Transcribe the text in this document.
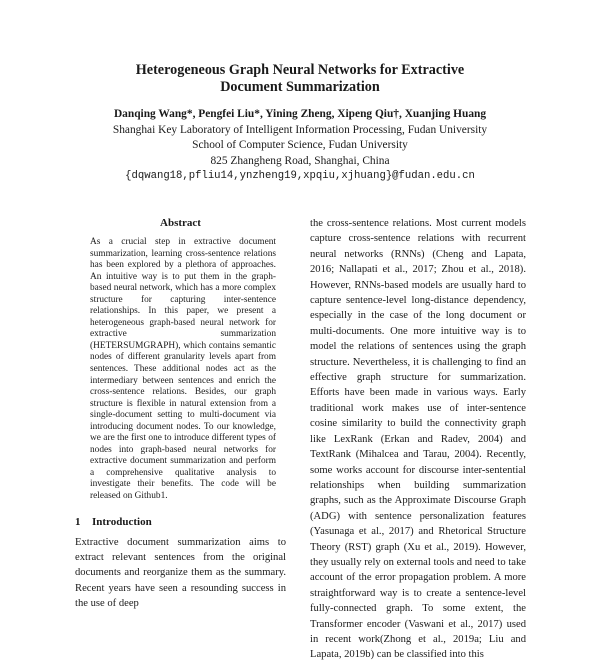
Heterogeneous Graph Neural Networks for Extractive
Document Summarization
Danqing Wang*, Pengfei Liu*, Yining Zheng, Xipeng Qiu†, Xuanjing Huang
Shanghai Key Laboratory of Intelligent Information Processing, Fudan University
School of Computer Science, Fudan University
825 Zhangheng Road, Shanghai, China
{dqwang18,pfliu14,ynzheng19,xpqiu,xjhuang}@fudan.edu.cn
Abstract

As a crucial step in extractive document summarization, learning cross-sentence relations has been explored by a plethora of approaches. An intuitive way is to put them in the graph-based neural network, which has a more complex structure for capturing inter-sentence relationships. In this paper, we present a heterogeneous graph-based neural network for extractive summarization (HETERSUMGRAPH), which contains semantic nodes of different granularity levels apart from sentences. These additional nodes act as the intermediary between sentences and enrich the cross-sentence relations. Besides, our graph structure is flexible in natural extension from a single-document setting to multi-document via introducing document nodes. To our knowledge, we are the first one to introduce different types of nodes into graph-based neural networks for extractive document summarization and perform a comprehensive qualitative analysis to investigate their benefits. The code will be released on Github1.

1 Introduction

Extractive document summarization aims to extract relevant sentences from the original documents and reorganize them as the summary. Recent years have seen a resounding success in the use of deep

the cross-sentence relations. Most current models capture cross-sentence relations with recurrent neural networks (RNNs) (Cheng and Lapata, 2016; Nallapati et al., 2017; Zhou et al., 2018). However, RNNs-based models are usually hard to capture sentence-level long-distance dependency, especially in the case of the long document or multi-documents. One more intuitive way is to model the relations of sentences using the graph structure. Nevertheless, it is challenging to find an effective graph structure for summarization. Efforts have been made in various ways. Early traditional work makes use of inter-sentence cosine similarity to build the connectivity graph like LexRank (Erkan and Radev, 2004) and TextRank (Mihalcea and Tarau, 2004). Recently, some works account for discourse inter-sentential relationships when building summarization graphs, such as the Approximate Discourse Graph (ADG) with sentence personalization features (Yasunaga et al., 2017) and Rhetorical Structure Theory (RST) graph (Xu et al., 2019). However, they usually rely on external tools and need to take account of the error propagation problem. A more straightforward way is to create a sentence-level fully-connected graph. To some extent, the Transformer encoder (Vaswani et al., 2017) used in recent work(Zhong et al., 2019a; Liu and Lapata, 2019b) can be classified into this
